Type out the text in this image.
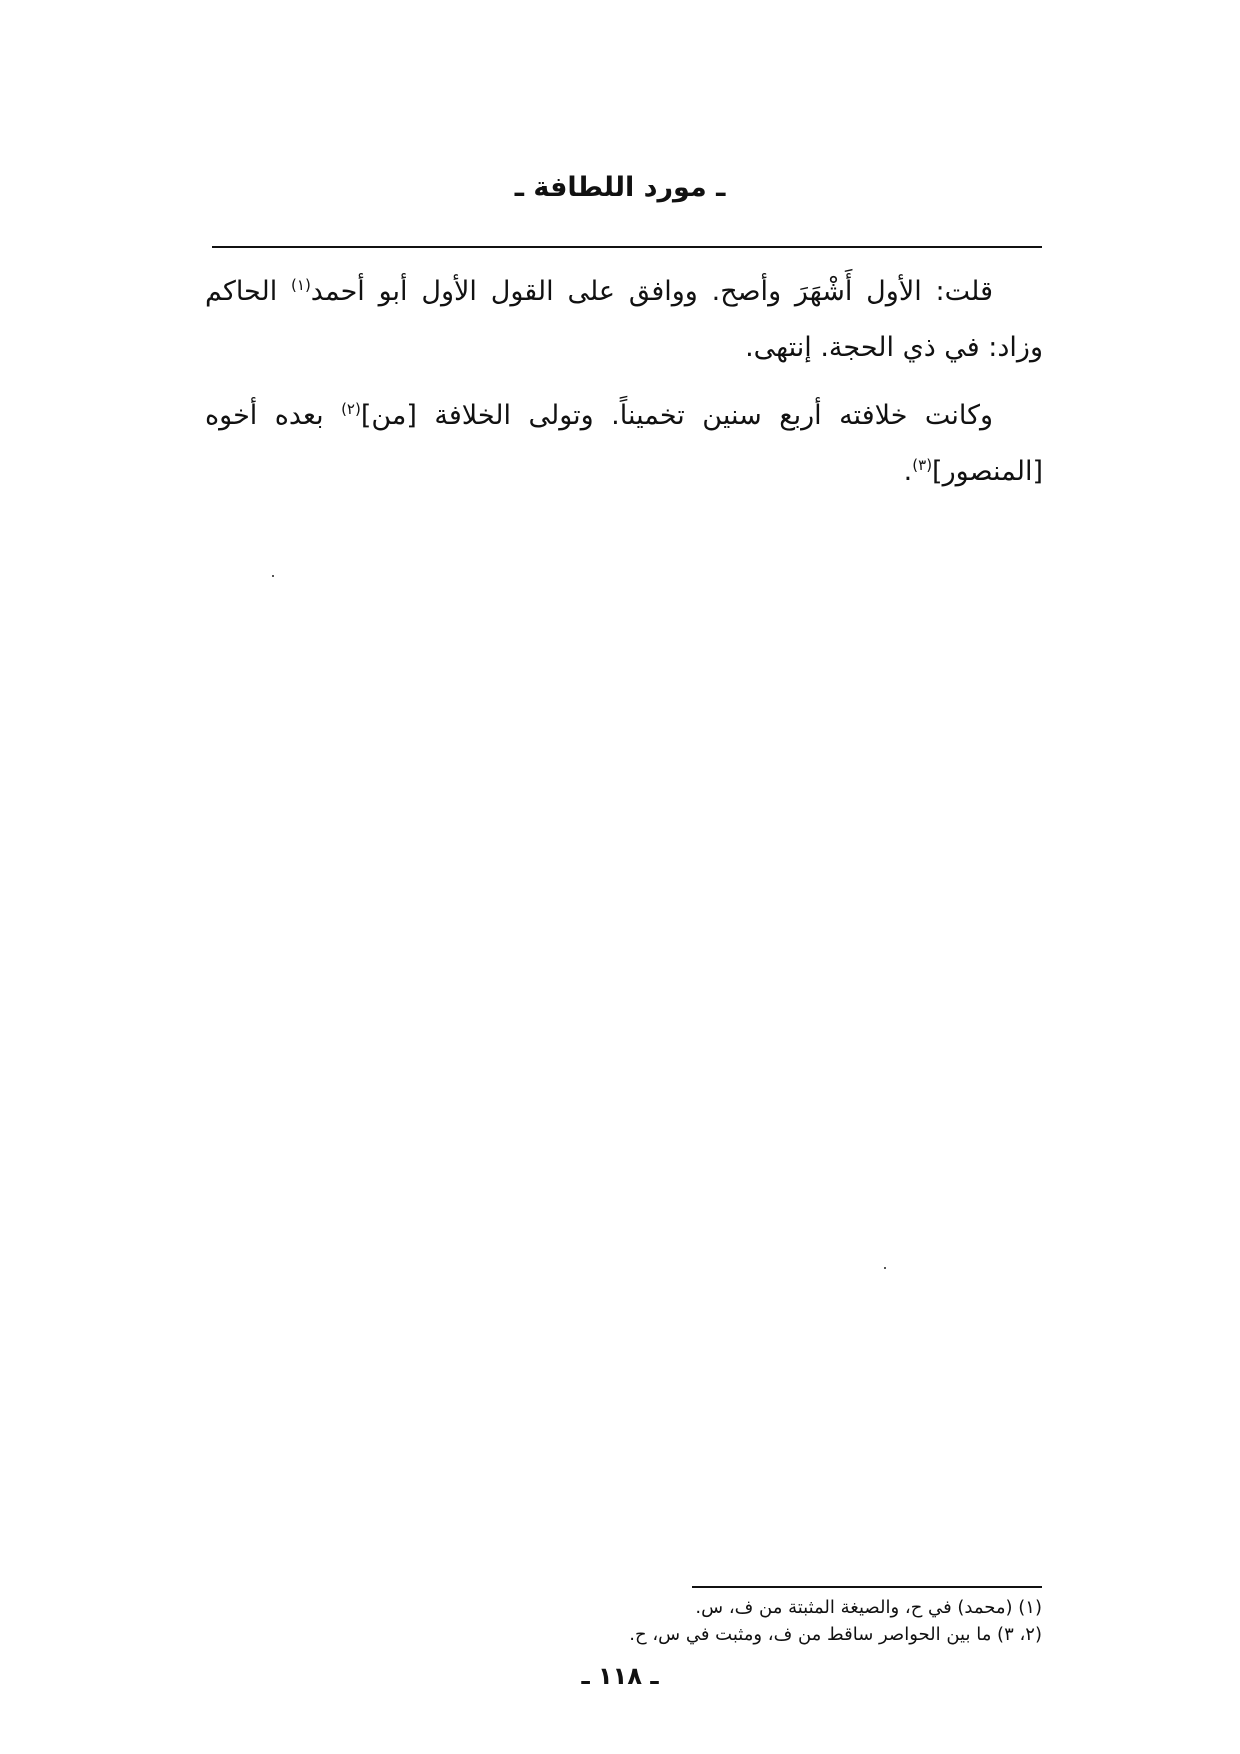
ـ مورد اللطافة ـ

قلت: الأول أَشْهَرَ وأصح. ووافق على القول الأول أبو أحمد$^{(١)}$ الحاكم وزاد: في ذي الحجة. إنتهى.

وكانت خلافته أربع سنين تخميناً. وتولى الخلافة [من]$^{(٢)}$ بعده أخوه [المنصور]$^{(٣)}$.

(١) (محمد) في ح، والصيغة المثبتة من ف، س.
(٢، ٣) ما بين الحواصر ساقط من ف، ومثبت في س، ح.
ـ ١١٨ ـ
